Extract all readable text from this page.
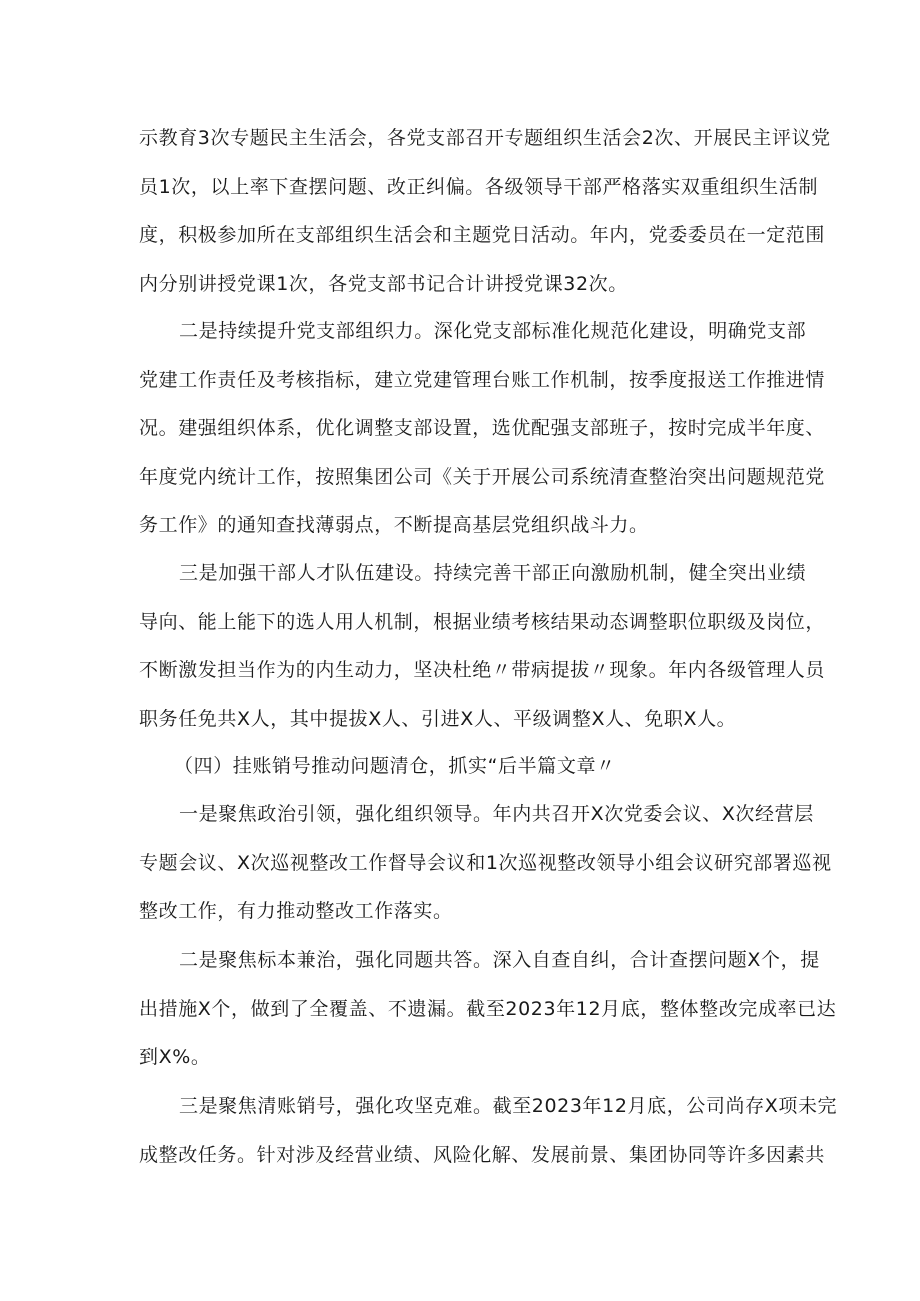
示教育3次专题民主生活会，各党支部召开专题组织生活会2次、开展民主评议党
员1次，以上率下查摆问题、改正纠偏。各级领导干部严格落实双重组织生活制
度，积极参加所在支部组织生活会和主题党日活动。年内，党委委员在一定范围
内分别讲授党课1次，各党支部书记合计讲授党课32次。
二是持续提升党支部组织力。深化党支部标准化规范化建设，明确党支部
党建工作责任及考核指标，建立党建管理台账工作机制，按季度报送工作推进情
况。建强组织体系，优化调整支部设置，选优配强支部班子，按时完成半年度、
年度党内统计工作，按照集团公司《关于开展公司系统清查整治突出问题规范党
务工作》的通知查找薄弱点，不断提高基层党组织战斗力。
三是加强干部人才队伍建设。持续完善干部正向激励机制，健全突出业绩
导向、能上能下的选人用人机制，根据业绩考核结果动态调整职位职级及岗位，
不断激发担当作为的内生动力，坚决杜绝〃带病提拔〃现象。年内各级管理人员
职务任免共X人，其中提拔X人、引进X人、平级调整X人、免职X人。
（四）挂账销号推动问题清仓，抓实“后半篇文章〃
一是聚焦政治引领，强化组织领导。年内共召开X次党委会议、X次经营层
专题会议、X次巡视整改工作督导会议和1次巡视整改领导小组会议研究部署巡视
整改工作，有力推动整改工作落实。
二是聚焦标本兼治，强化同题共答。深入自查自纠，合计查摆问题X个，提
出措施X个，做到了全覆盖、不遗漏。截至2023年12月底，整体整改完成率已达
到X%。
三是聚焦清账销号，强化攻坚克难。截至2023年12月底，公司尚存X项未完
成整改任务。针对涉及经营业绩、风险化解、发展前景、集团协同等许多因素共
